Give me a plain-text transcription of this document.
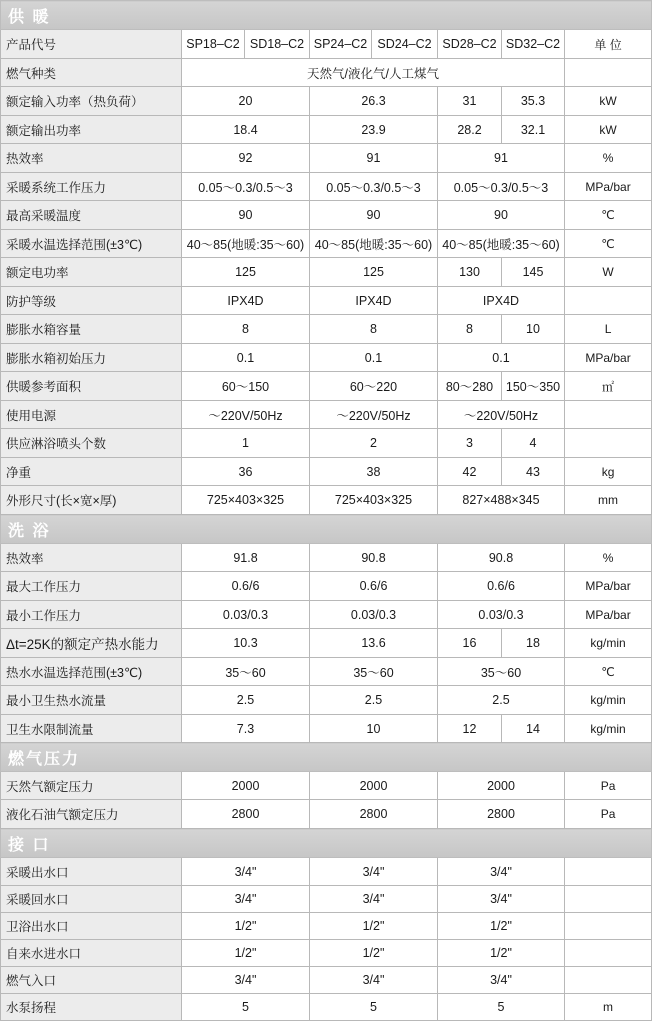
供 暖							
产品代号	SP18–C2	SD18–C2	SP24–C2	SD24–C2	SD28–C2	SD32–C2	单 位
燃气种类	天然气/液化气/人工煤气						
额定输入功率（热负荷）	20		26.3		31	35.3	kW
额定输出功率	18.4		23.9		28.2	32.1	kW
热效率	92		91		91		%
采暖系统工作压力	0.05～0.3/0.5～3		0.05～0.3/0.5～3		0.05～0.3/0.5～3		MPa/bar
最高采暖温度	90		90		90		℃
采暖水温选择范围(±3℃)	40～85(地暖:35～60)		40～85(地暖:35～60)		40～85(地暖:35～60)		℃
额定电功率	125		125		130	145	W
防护等级	IPX4D		IPX4D		IPX4D		
膨胀水箱容量	8		8		8	10	L
膨胀水箱初始压力	0.1		0.1		0.1		MPa/bar
供暖参考面积	60～150		60～220		80～280	150～350	㎡
使用电源	～220V/50Hz		～220V/50Hz		～220V/50Hz		
供应淋浴喷头个数	1		2		3	4	
净重	36		38		42	43	kg
外形尺寸(长×宽×厚)	725×403×325		725×403×325		827×488×345		mm
洗 浴							
热效率	91.8		90.8		90.8		%
最大工作压力	0.6/6		0.6/6		0.6/6		MPa/bar
最小工作压力	0.03/0.3		0.03/0.3		0.03/0.3		MPa/bar
Δt=25K的额定产热水能力	10.3		13.6		16	18	kg/min
热水水温选择范围(±3℃)	35～60		35～60		35～60		℃
最小卫生热水流量	2.5		2.5		2.5		kg/min
卫生水限制流量	7.3		10		12	14	kg/min
燃气压力							
天然气额定压力	2000		2000		2000		Pa
液化石油气额定压力	2800		2800		2800		Pa
接 口							
采暖出水口	3/4"		3/4"		3/4"		
采暖回水口	3/4"		3/4"		3/4"		
卫浴出水口	1/2"		1/2"		1/2"		
自来水进水口	1/2"		1/2"		1/2"		
燃气入口	3/4"		3/4"		3/4"		
水泵扬程	5		5		5		m
